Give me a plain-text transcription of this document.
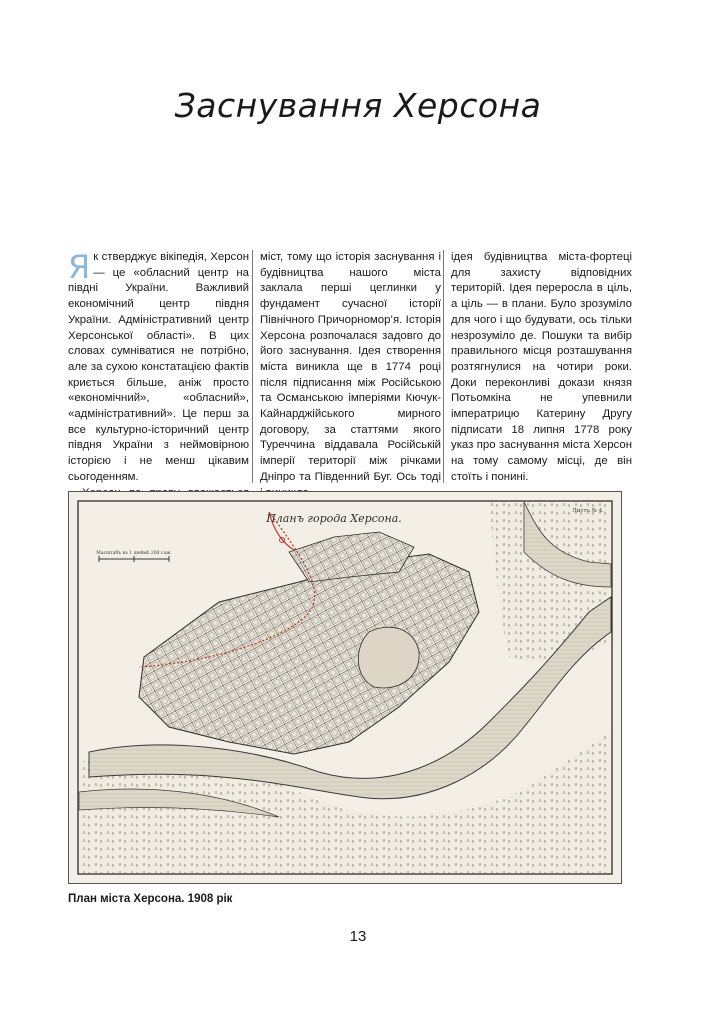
Заснування Херсона

Як стверджує вікіпедія, Херсон — це «обласний центр на півдні України. Важливий економічний центр півдня України. Адміністративний центр Херсонської області». В цих словах сумніватися не потрібно, але за сухою констатацією фактів криється більше, аніж просто «економічний», «обласний», «адміністративний». Це перш за все культурно-історичний центр півдня України з неймовірною історією і не менш цікавим сьогоденням.

міст, тому що історія заснування і будівництва нашого міста заклала перші цеглинки у фундамент сучасної історії Північного Причорномор’я. Історія Херсона розпочалася задовго до його заснування. Ідея створення міста виникла ще в 1774 році після підписання між Російською та Османською імперіями Кючук-Кайнарджійського мирного договору, за статтями якого Туреччина віддавала Російській імперії території між річками Дніпро та Південний Буг. Ось тоді

ідея будівництва міста-фортеці для захисту відповідних територій. Ідея переросла в ціль, а ціль — в плани. Було зрозуміло для чого і що будувати, ось тільки незрозуміло де. Пошуки та вибір правильного місця розташування розтягнулися на чотири роки. Доки переконливі докази князя Потьомкіна не упевнили імператрицю Катерину Другу підписати 18 липня 1778 року указ про заснування міста Херсон на тому самому місці, де він стоїть і понині.

Планъ города Херсона.
Листъ № 4.
Масштабъ въ 1 дюймѣ 200 саж.
План міста Херсона. 1908 рік
13
